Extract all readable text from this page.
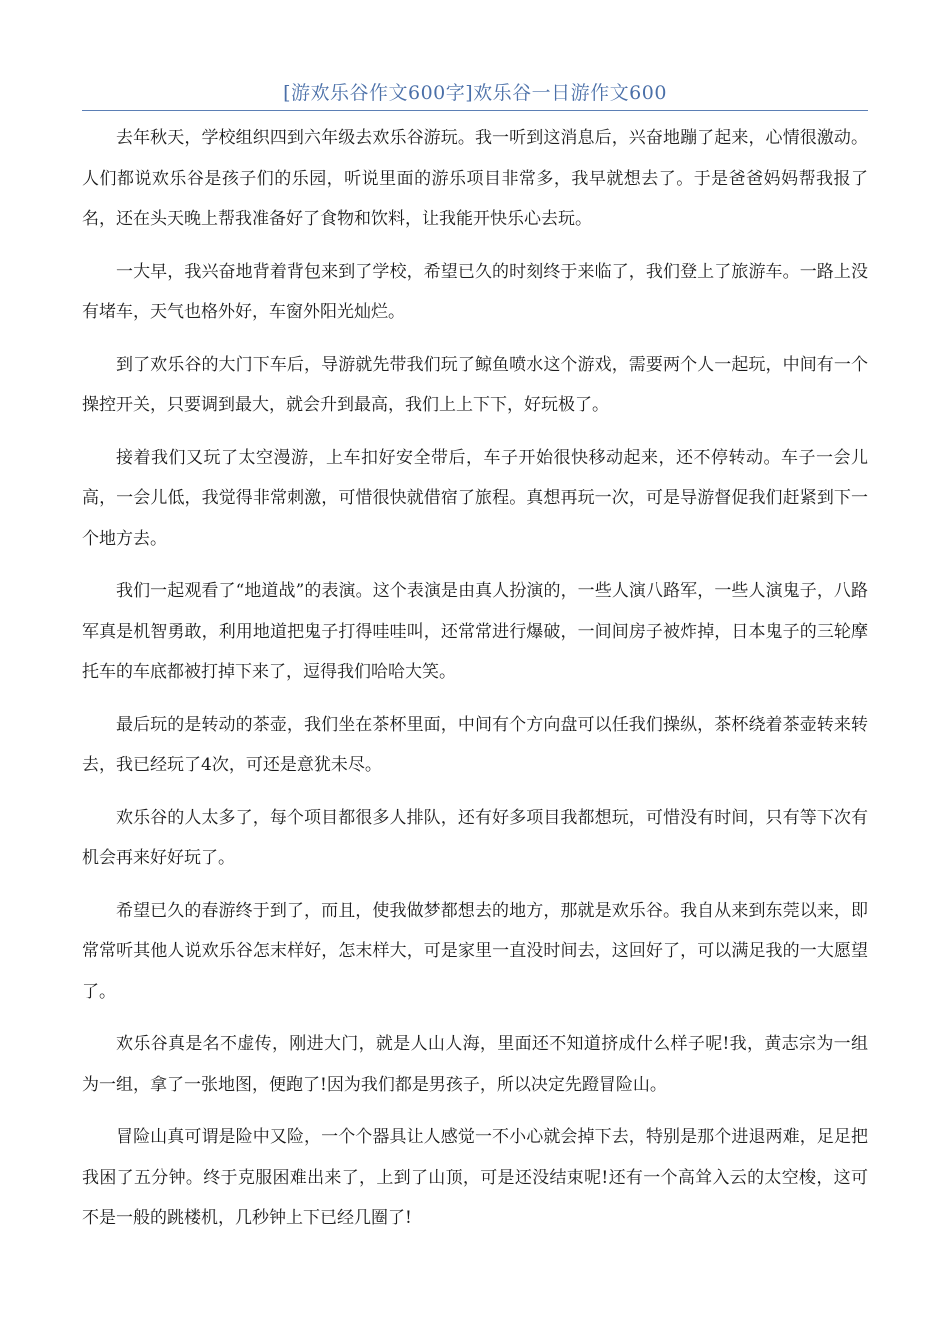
[游欢乐谷作文600字]欢乐谷一日游作文600

去年秋天，学校组织四到六年级去欢乐谷游玩。我一听到这消息后，兴奋地蹦了起来，心情很激动。人们都说欢乐谷是孩子们的乐园，听说里面的游乐项目非常多，我早就想去了。于是爸爸妈妈帮我报了名，还在头天晚上帮我准备好了食物和饮料，让我能开快乐心去玩。

一大早，我兴奋地背着背包来到了学校，希望已久的时刻终于来临了，我们登上了旅游车。一路上没有堵车，天气也格外好，车窗外阳光灿烂。

到了欢乐谷的大门下车后，导游就先带我们玩了鲸鱼喷水这个游戏，需要两个人一起玩，中间有一个操控开关，只要调到最大，就会升到最高，我们上上下下，好玩极了。

接着我们又玩了太空漫游，上车扣好安全带后，车子开始很快移动起来，还不停转动。车子一会儿高，一会儿低，我觉得非常刺激，可惜很快就借宿了旅程。真想再玩一次，可是导游督促我们赶紧到下一个地方去。

我们一起观看了“地道战”的表演。这个表演是由真人扮演的，一些人演八路军，一些人演鬼子，八路军真是机智勇敢，利用地道把鬼子打得哇哇叫，还常常进行爆破，一间间房子被炸掉，日本鬼子的三轮摩托车的车底都被打掉下来了，逗得我们哈哈大笑。

最后玩的是转动的茶壶，我们坐在茶杯里面，中间有个方向盘可以任我们操纵，茶杯绕着茶壶转来转去，我已经玩了4次，可还是意犹未尽。

欢乐谷的人太多了，每个项目都很多人排队，还有好多项目我都想玩，可惜没有时间，只有等下次有机会再来好好玩了。

希望已久的春游终于到了，而且，使我做梦都想去的地方，那就是欢乐谷。我自从来到东莞以来，即常常听其他人说欢乐谷怎末样好，怎末样大，可是家里一直没时间去，这回好了，可以满足我的一大愿望了。

欢乐谷真是名不虚传，刚进大门，就是人山人海，里面还不知道挤成什么样子呢!我，黄志宗为一组为一组，拿了一张地图，便跑了!因为我们都是男孩子，所以决定先蹬冒险山。

冒险山真可谓是险中又险，一个个器具让人感觉一不小心就会掉下去，特别是那个进退两难，足足把我困了五分钟。终于克服困难出来了，上到了山顶，可是还没结束呢!还有一个高耸入云的太空梭，这可不是一般的跳楼机，几秒钟上下已经几圈了!
